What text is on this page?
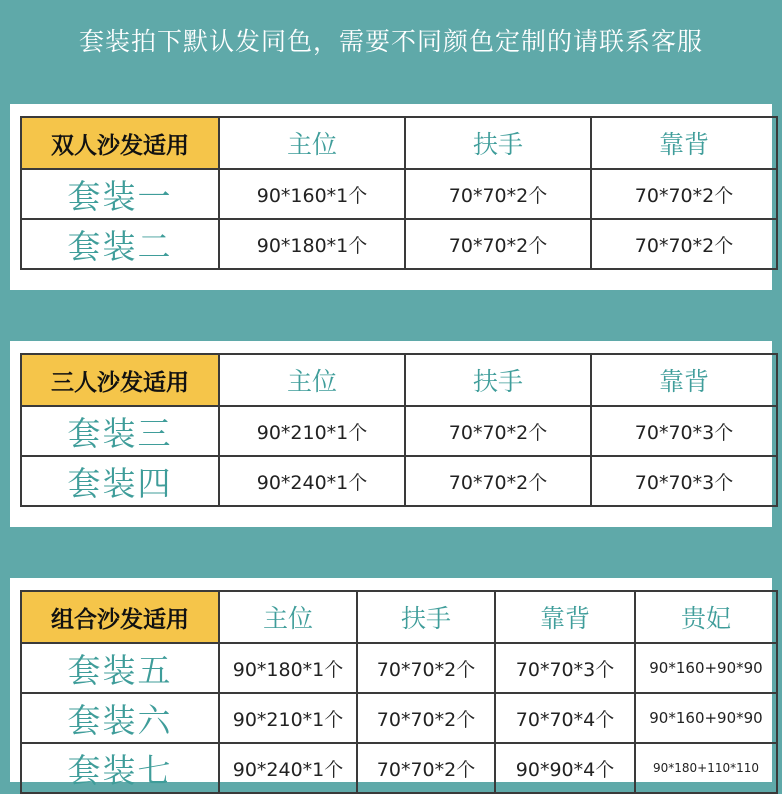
套装拍下默认发同色，需要不同颜色定制的请联系客服
双人沙发适用	主位	扶手	靠背
套装一	90*160*1个	70*70*2个	70*70*2个
套装二	90*180*1个	70*70*2个	70*70*2个
三人沙发适用	主位	扶手	靠背
套装三	90*210*1个	70*70*2个	70*70*3个
套装四	90*240*1个	70*70*2个	70*70*3个
组合沙发适用	主位	扶手	靠背	贵妃
套装五	90*180*1个	70*70*2个	70*70*3个	90*160+90*90
套装六	90*210*1个	70*70*2个	70*70*4个	90*160+90*90
套装七	90*240*1个	70*70*2个	90*90*4个	90*180+110*110
